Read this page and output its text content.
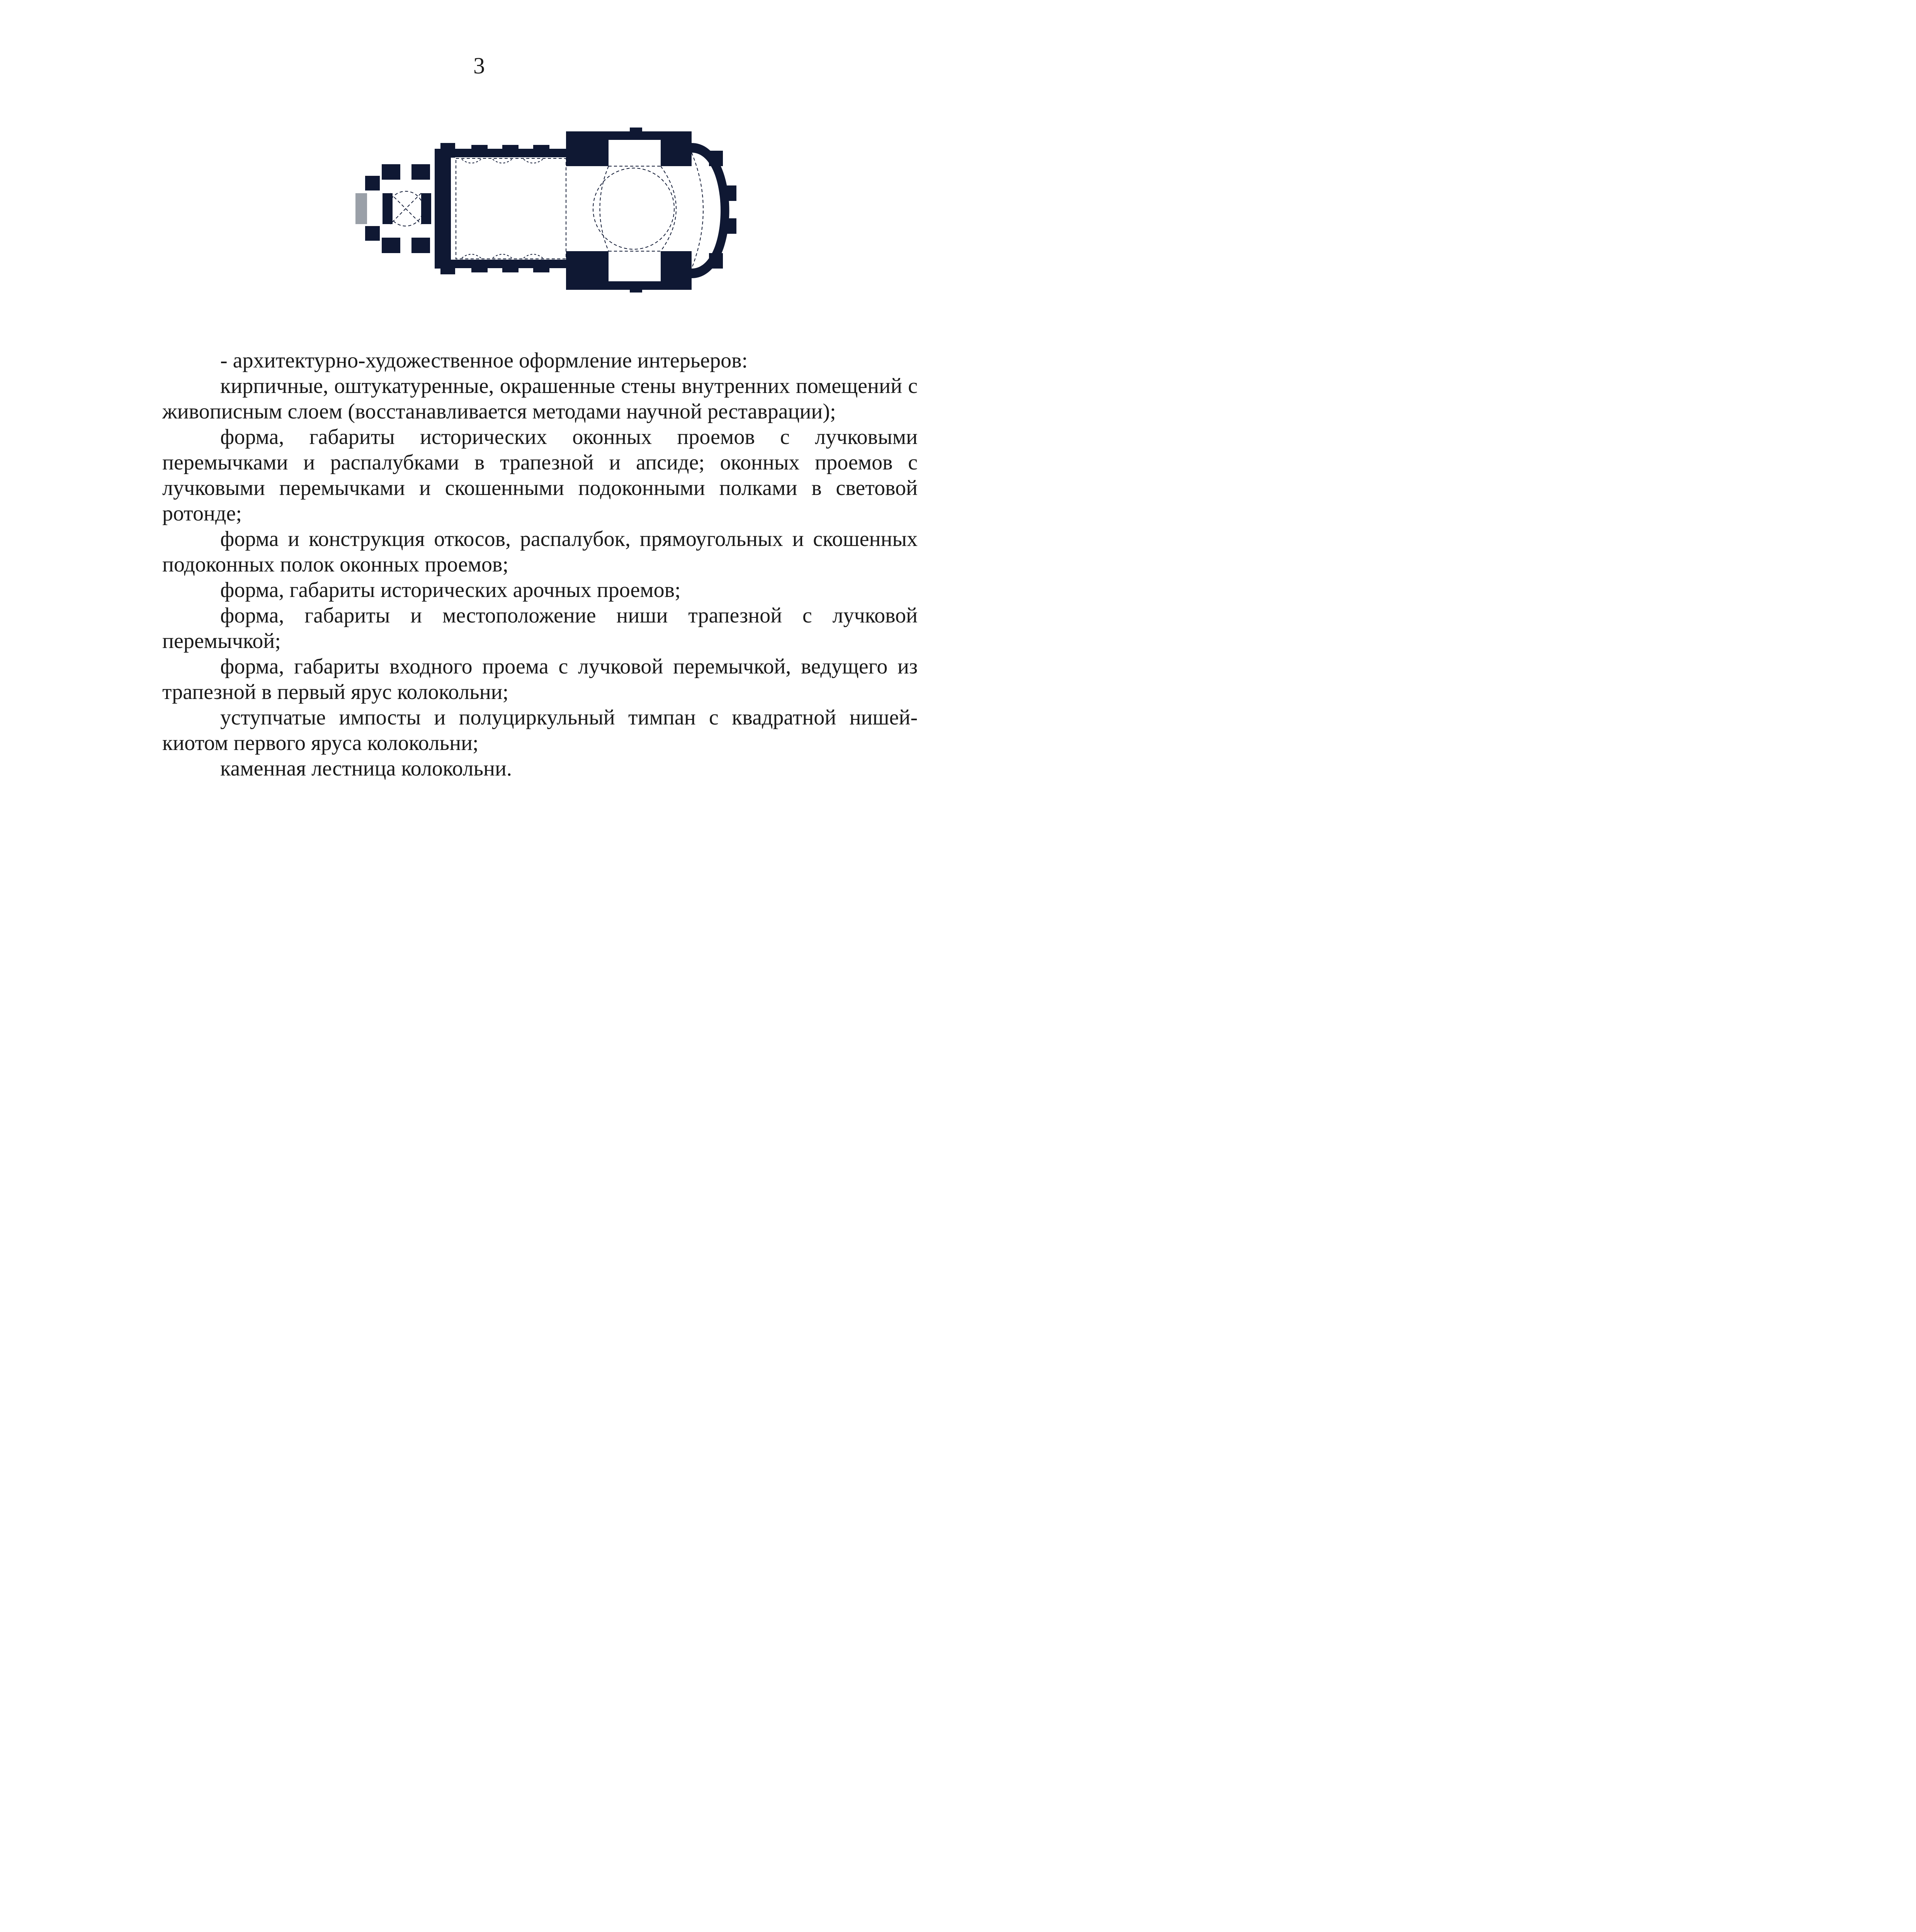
3

- архитектурно-художественное оформление интерьеров:

кирпичные, оштукатуренные, окрашенные стены внутренних помещений с живописным слоем (восстанавливается методами научной реставрации);

форма, габариты исторических оконных проемов с лучковыми перемычками и распалубками в трапезной и апсиде; оконных проемов с лучковыми перемычками и скошенными подоконными полками в световой ротонде;

форма и конструкция откосов, распалубок, прямоугольных и скошенных подоконных полок оконных проемов;

форма, габариты исторических арочных проемов;

форма, габариты и местоположение ниши трапезной с лучковой перемычкой;

форма, габариты входного проема с лучковой перемычкой, ведущего из трапезной в первый ярус колокольни;

уступчатые импосты и полуциркульный тимпан с квадратной нишей-киотом первого яруса колокольни;

каменная лестница колокольни.
